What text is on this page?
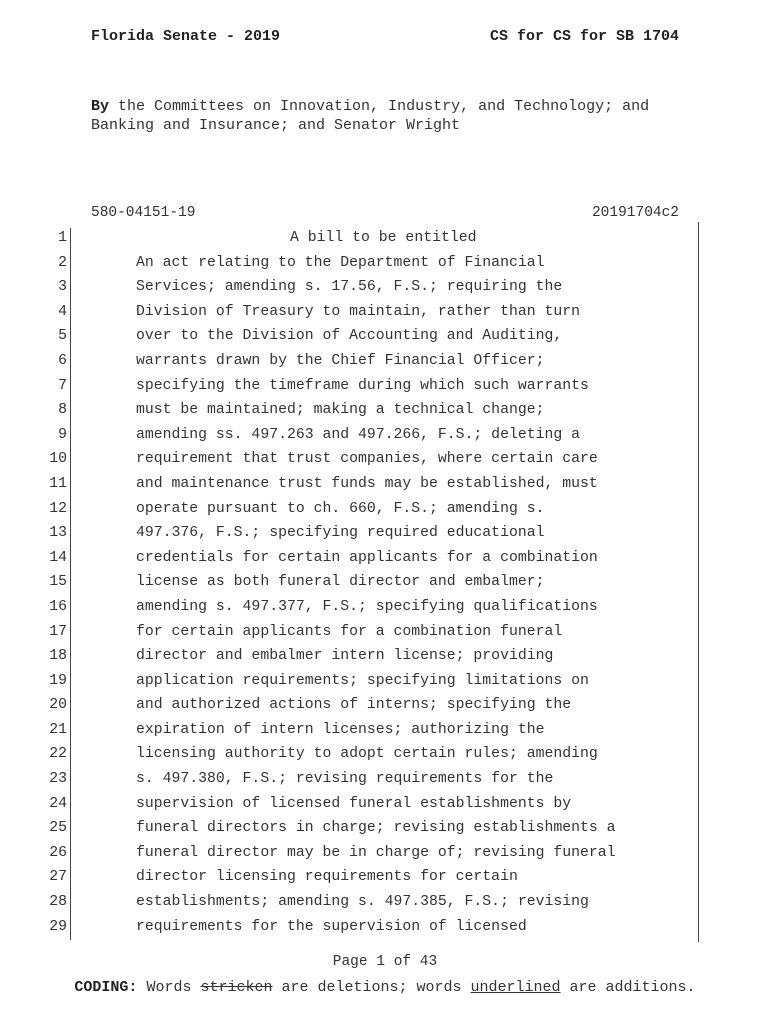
Florida Senate - 2019	CS for CS for SB 1704
By the Committees on Innovation, Industry, and Technology; and Banking and Insurance; and Senator Wright
580-04151-19	20191704c2
1	A bill to be entitled
2	An act relating to the Department of Financial
3	Services; amending s. 17.56, F.S.; requiring the
4	Division of Treasury to maintain, rather than turn
5	over to the Division of Accounting and Auditing,
6	warrants drawn by the Chief Financial Officer;
7	specifying the timeframe during which such warrants
8	must be maintained; making a technical change;
9	amending ss. 497.263 and 497.266, F.S.; deleting a
10	requirement that trust companies, where certain care
11	and maintenance trust funds may be established, must
12	operate pursuant to ch. 660, F.S.; amending s.
13	497.376, F.S.; specifying required educational
14	credentials for certain applicants for a combination
15	license as both funeral director and embalmer;
16	amending s. 497.377, F.S.; specifying qualifications
17	for certain applicants for a combination funeral
18	director and embalmer intern license; providing
19	application requirements; specifying limitations on
20	and authorized actions of interns; specifying the
21	expiration of intern licenses; authorizing the
22	licensing authority to adopt certain rules; amending
23	s. 497.380, F.S.; revising requirements for the
24	supervision of licensed funeral establishments by
25	funeral directors in charge; revising establishments a
26	funeral director may be in charge of; revising funeral
27	director licensing requirements for certain
28	establishments; amending s. 497.385, F.S.; revising
29	requirements for the supervision of licensed
Page 1 of 43
CODING: Words stricken are deletions; words underlined are additions.
